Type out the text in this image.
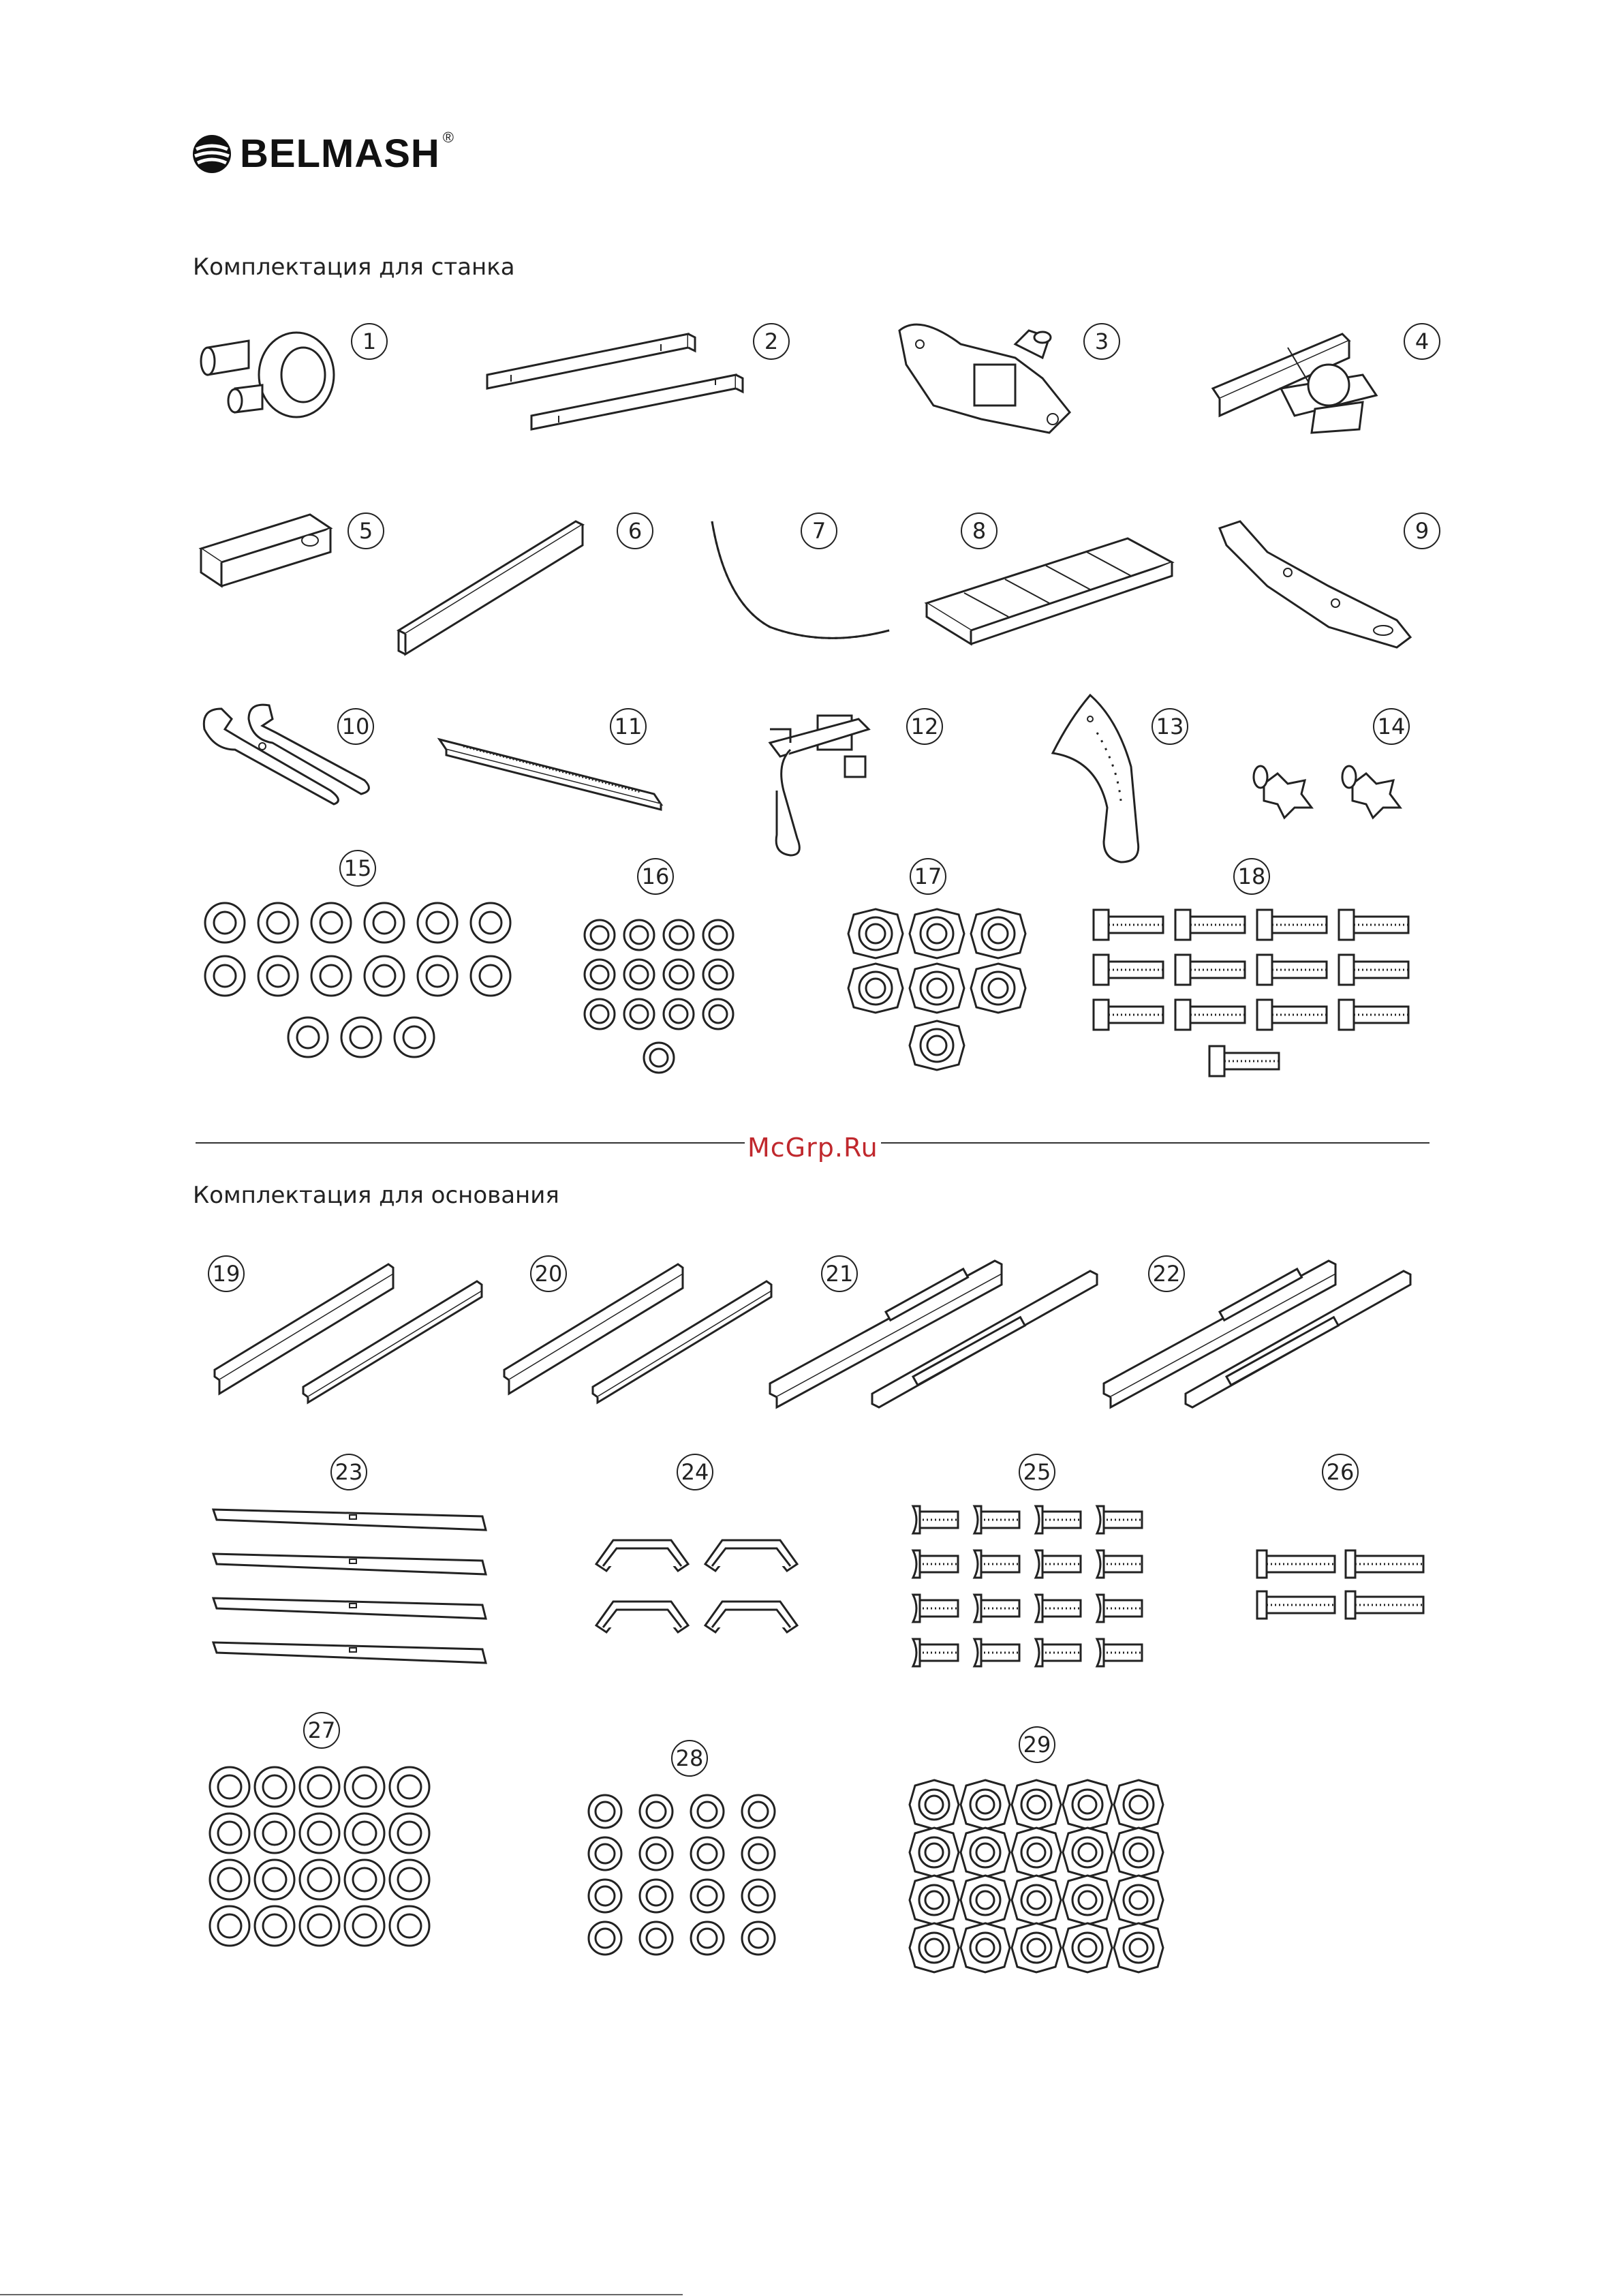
BELMASH ®
Комплектация для станка
1	2	3	4
5	6	7	8	9
10	11	12	13	14
15	16	17	18
McGrp.Ru
Комплектация для основания
19	20	21	22
23	24	25	26
27
28
29
